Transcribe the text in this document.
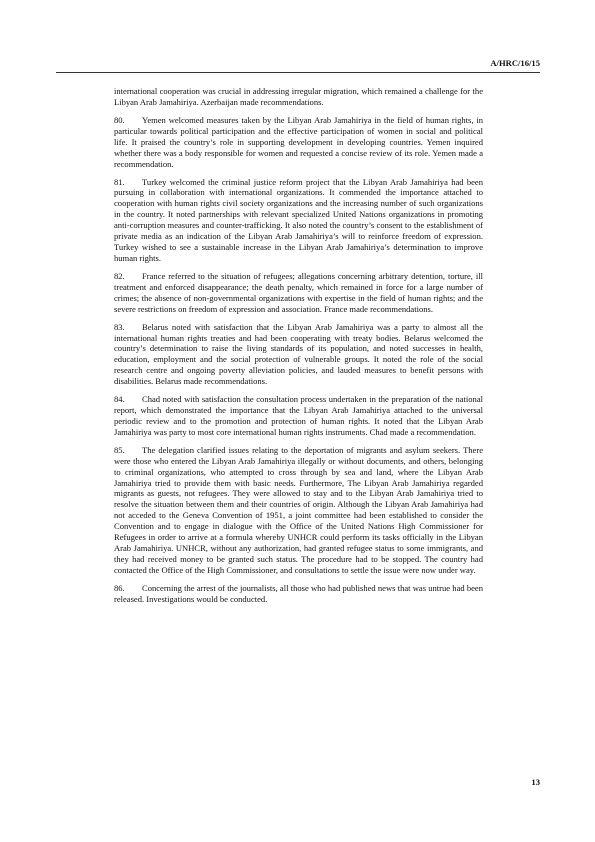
A/HRC/16/15

international cooperation was crucial in addressing irregular migration, which remained a challenge for the Libyan Arab Jamahiriya. Azerbaijan made recommendations.

80. Yemen welcomed measures taken by the Libyan Arab Jamahiriya in the field of human rights, in particular towards political participation and the effective participation of women in social and political life. It praised the country’s role in supporting development in developing countries. Yemen inquired whether there was a body responsible for women and requested a concise review of its role. Yemen made a recommendation.

81. Turkey welcomed the criminal justice reform project that the Libyan Arab Jamahiriya had been pursuing in collaboration with international organizations. It commended the importance attached to cooperation with human rights civil society organizations and the increasing number of such organizations in the country. It noted partnerships with relevant specialized United Nations organizations in promoting anti-corruption measures and counter-trafficking. It also noted the country’s consent to the establishment of private media as an indication of the Libyan Arab Jamahiriya’s will to reinforce freedom of expression. Turkey wished to see a sustainable increase in the Libyan Arab Jamahiriya’s determination to improve human rights.

82. France referred to the situation of refugees; allegations concerning arbitrary detention, torture, ill treatment and enforced disappearance; the death penalty, which remained in force for a large number of crimes; the absence of non-governmental organizations with expertise in the field of human rights; and the severe restrictions on freedom of expression and association. France made recommendations.

83. Belarus noted with satisfaction that the Libyan Arab Jamahiriya was a party to almost all the international human rights treaties and had been cooperating with treaty bodies. Belarus welcomed the country’s determination to raise the living standards of its population, and noted successes in health, education, employment and the social protection of vulnerable groups. It noted the role of the social research centre and ongoing poverty alleviation policies, and lauded measures to benefit persons with disabilities. Belarus made recommendations.

84. Chad noted with satisfaction the consultation process undertaken in the preparation of the national report, which demonstrated the importance that the Libyan Arab Jamahiriya attached to the universal periodic review and to the promotion and protection of human rights. It noted that the Libyan Arab Jamahiriya was party to most core international human rights instruments. Chad made a recommendation.

85. The delegation clarified issues relating to the deportation of migrants and asylum seekers. There were those who entered the Libyan Arab Jamahiriya illegally or without documents, and others, belonging to criminal organizations, who attempted to cross through by sea and land, where the Libyan Arab Jamahiriya tried to provide them with basic needs. Furthermore, The Libyan Arab Jamahiriya regarded migrants as guests, not refugees. They were allowed to stay and to the Libyan Arab Jamahiriya tried to resolve the situation between them and their countries of origin. Although the Libyan Arab Jamahiriya had not acceded to the Geneva Convention of 1951, a joint committee had been established to consider the Convention and to engage in dialogue with the Office of the United Nations High Commissioner for Refugees in order to arrive at a formula whereby UNHCR could perform its tasks officially in the Libyan Arab Jamahiriya. UNHCR, without any authorization, had granted refugee status to some immigrants, and they had received money to be granted such status. The procedure had to be stopped. The country had contacted the Office of the High Commissioner, and consultations to settle the issue were now under way.

86. Concerning the arrest of the journalists, all those who had published news that was untrue had been released. Investigations would be conducted.

13
